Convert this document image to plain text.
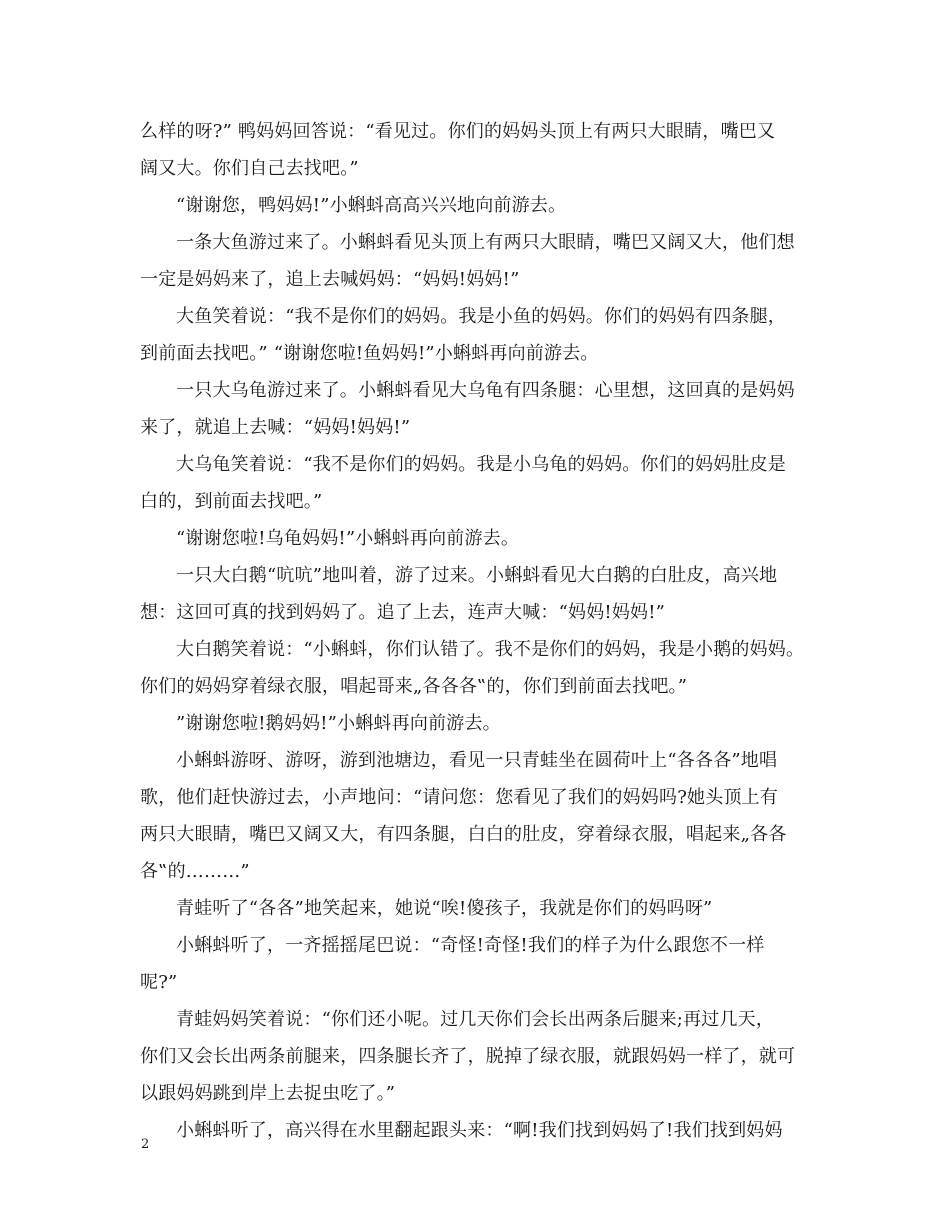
么样的呀?” 鸭妈妈回答说：“看见过。你们的妈妈头顶上有两只大眼睛，嘴巴又
阔又大。你们自己去找吧。”
“谢谢您，鸭妈妈!”小蝌蚪高高兴兴地向前游去。
一条大鱼游过来了。小蝌蚪看见头顶上有两只大眼睛，嘴巴又阔又大，他们想
一定是妈妈来了，追上去喊妈妈：“妈妈!妈妈!”
大鱼笑着说：“我不是你们的妈妈。我是小鱼的妈妈。你们的妈妈有四条腿，
到前面去找吧。” “谢谢您啦!鱼妈妈!”小蝌蚪再向前游去。
一只大乌龟游过来了。小蝌蚪看见大乌龟有四条腿：心里想，这回真的是妈妈
来了，就追上去喊：“妈妈!妈妈!”
大乌龟笑着说：“我不是你们的妈妈。我是小乌龟的妈妈。你们的妈妈肚皮是
白的，到前面去找吧。”
“谢谢您啦!乌龟妈妈!”小蝌蚪再向前游去。
一只大白鹅“吭吭”地叫着，游了过来。小蝌蚪看见大白鹅的白肚皮，高兴地
想：这回可真的找到妈妈了。追了上去，连声大喊：“妈妈!妈妈!”
大白鹅笑着说：“小蝌蚪，你们认错了。我不是你们的妈妈，我是小鹅的妈妈。
你们的妈妈穿着绿衣服，唱起哥来„各各各‟的，你们到前面去找吧。”
”谢谢您啦!鹅妈妈!”小蝌蚪再向前游去。
小蝌蚪游呀、游呀，游到池塘边，看见一只青蛙坐在圆荷叶上“各各各”地唱
歌，他们赶快游过去，小声地问：“请问您：您看见了我们的妈妈吗?她头顶上有
两只大眼睛，嘴巴又阔又大，有四条腿，白白的肚皮，穿着绿衣服，唱起来„各各
各‟的………”
青蛙听了“各各”地笑起来，她说“唉!傻孩子，我就是你们的妈吗呀”
小蝌蚪听了，一齐摇摇尾巴说：“奇怪!奇怪!我们的样子为什么跟您不一样
呢?”
青蛙妈妈笑着说：“你们还小呢。过几天你们会长出两条后腿来;再过几天，
你们又会长出两条前腿来，四条腿长齐了，脱掉了绿衣服，就跟妈妈一样了，就可
以跟妈妈跳到岸上去捉虫吃了。”
小蝌蚪听了，高兴得在水里翻起跟头来：“啊!我们找到妈妈了!我们找到妈妈
2
